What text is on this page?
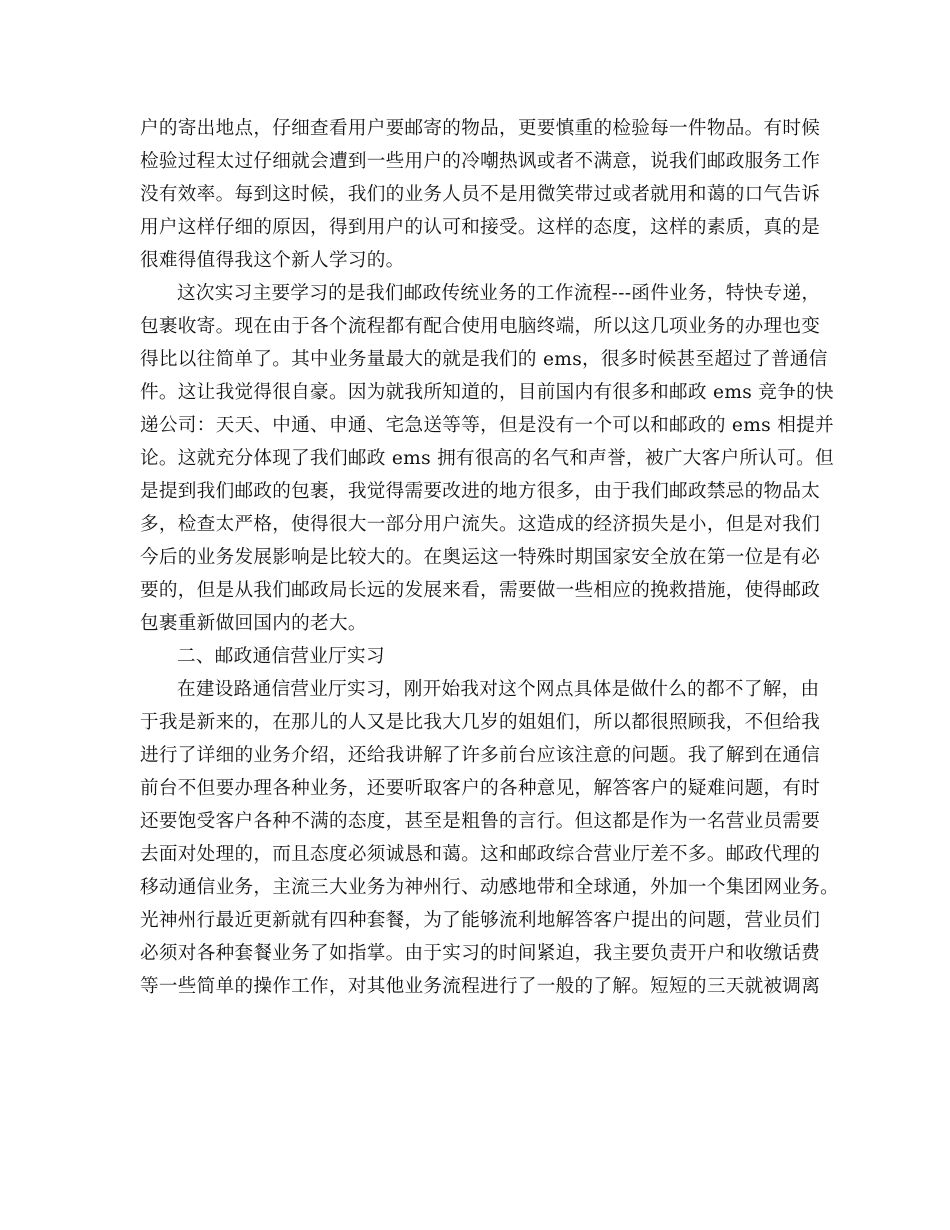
户的寄出地点，仔细查看用户要邮寄的物品，更要慎重的检验每一件物品。有时候
检验过程太过仔细就会遭到一些用户的冷嘲热讽或者不满意，说我们邮政服务工作
没有效率。每到这时候，我们的业务人员不是用微笑带过或者就用和蔼的口气告诉
用户这样仔细的原因，得到用户的认可和接受。这样的态度，这样的素质，真的是
很难得值得我这个新人学习的。
这次实习主要学习的是我们邮政传统业务的工作流程---函件业务，特快专递，
包裹收寄。现在由于各个流程都有配合使用电脑终端，所以这几项业务的办理也变
得比以往简单了。其中业务量最大的就是我们的 ems，很多时候甚至超过了普通信
件。这让我觉得很自豪。因为就我所知道的，目前国内有很多和邮政 ems 竞争的快
递公司：天天、中通、申通、宅急送等等，但是没有一个可以和邮政的 ems 相提并
论。这就充分体现了我们邮政 ems 拥有很高的名气和声誉，被广大客户所认可。但
是提到我们邮政的包裹，我觉得需要改进的地方很多，由于我们邮政禁忌的物品太
多，检查太严格，使得很大一部分用户流失。这造成的经济损失是小，但是对我们
今后的业务发展影响是比较大的。在奥运这一特殊时期国家安全放在第一位是有必
要的，但是从我们邮政局长远的发展来看，需要做一些相应的挽救措施，使得邮政
包裹重新做回国内的老大。
二、邮政通信营业厅实习
在建设路通信营业厅实习，刚开始我对这个网点具体是做什么的都不了解，由
于我是新来的，在那儿的人又是比我大几岁的姐姐们，所以都很照顾我，不但给我
进行了详细的业务介绍，还给我讲解了许多前台应该注意的问题。我了解到在通信
前台不但要办理各种业务，还要听取客户的各种意见，解答客户的疑难问题，有时
还要饱受客户各种不满的态度，甚至是粗鲁的言行。但这都是作为一名营业员需要
去面对处理的，而且态度必须诚恳和蔼。这和邮政综合营业厅差不多。邮政代理的
移动通信业务，主流三大业务为神州行、动感地带和全球通，外加一个集团网业务。
光神州行最近更新就有四种套餐，为了能够流利地解答客户提出的问题，营业员们
必须对各种套餐业务了如指掌。由于实习的时间紧迫，我主要负责开户和收缴话费
等一些简单的操作工作，对其他业务流程进行了一般的了解。短短的三天就被调离
